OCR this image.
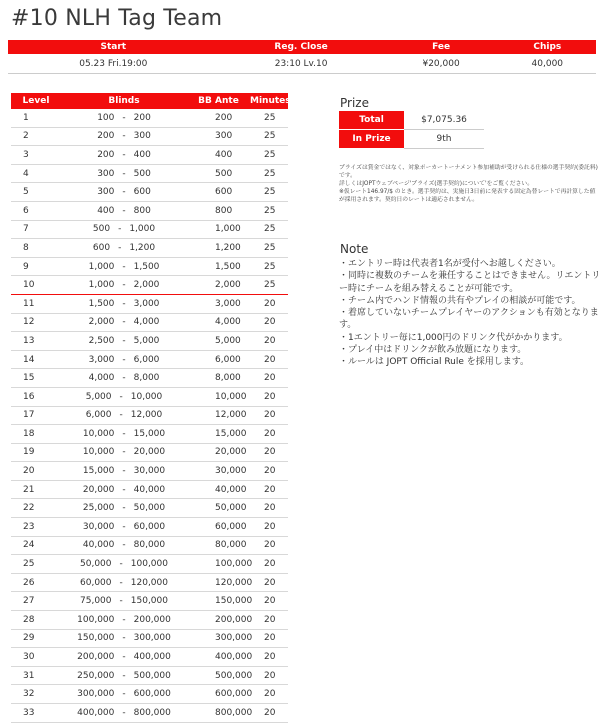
#10 NLH Tag Team
Start	Reg. Close	Fee	Chips
05.23 Fri.19:00	23:10 Lv.10	¥20,000	40,000
Level	Blinds	BB Ante	Minutes
1	100 - 200	200	25
2	200 - 300	300	25
3	200 - 400	400	25
4	300 - 500	500	25
5	300 - 600	600	25
6	400 - 800	800	25
7	500 - 1,000	1,000	25
8	600 - 1,200	1,200	25
9	1,000 - 1,500	1,500	25
10	1,000 - 2,000	2,000	25
11	1,500 - 3,000	3,000	20
12	2,000 - 4,000	4,000	20
13	2,500 - 5,000	5,000	20
14	3,000 - 6,000	6,000	20
15	4,000 - 8,000	8,000	20
16	5,000 - 10,000	10,000	20
17	6,000 - 12,000	12,000	20
18	10,000 - 15,000	15,000	20
19	10,000 - 20,000	20,000	20
20	15,000 - 30,000	30,000	20
21	20,000 - 40,000	40,000	20
22	25,000 - 50,000	50,000	20
23	30,000 - 60,000	60,000	20
24	40,000 - 80,000	80,000	20
25	50,000 - 100,000	100,000	20
26	60,000 - 120,000	120,000	20
27	75,000 - 150,000	150,000	20
28	100,000 - 200,000	200,000	20
29	150,000 - 300,000	300,000	20
30	200,000 - 400,000	400,000	20
31	250,000 - 500,000	500,000	20
32	300,000 - 600,000	600,000	20
33	400,000 - 800,000	800,000	20
Prize
Total	$7,075.36
In Prize	9th
プライズは賞金ではなく、対象ポーカートーナメント参加補助が受けられる仕様の選手契約(委託料)です。
詳しくはJOPTウェブページ'プライズ(選手契約)について'をご覧ください。
※仮レート146.97/$ のとき。選手契約は、実施日3日前に発表する固定為替レートで再計算した値が採用されます。契約日のレートは適応されません。
Note
・エントリー時は代表者1名が受付へお越しください。
・同時に複数のチームを兼任することはできません。リエントリー時にチームを組み替えることが可能です。
・チーム内でハンド情報の共有やプレイの相談が可能です。
・着席していないチームプレイヤーのアクションも有効となります。
・1エントリー毎に1,000円のドリンク代がかかります。
・プレイ中はドリンクが飲み放題になります。
・ルールは JOPT Official Rule を採用します。
